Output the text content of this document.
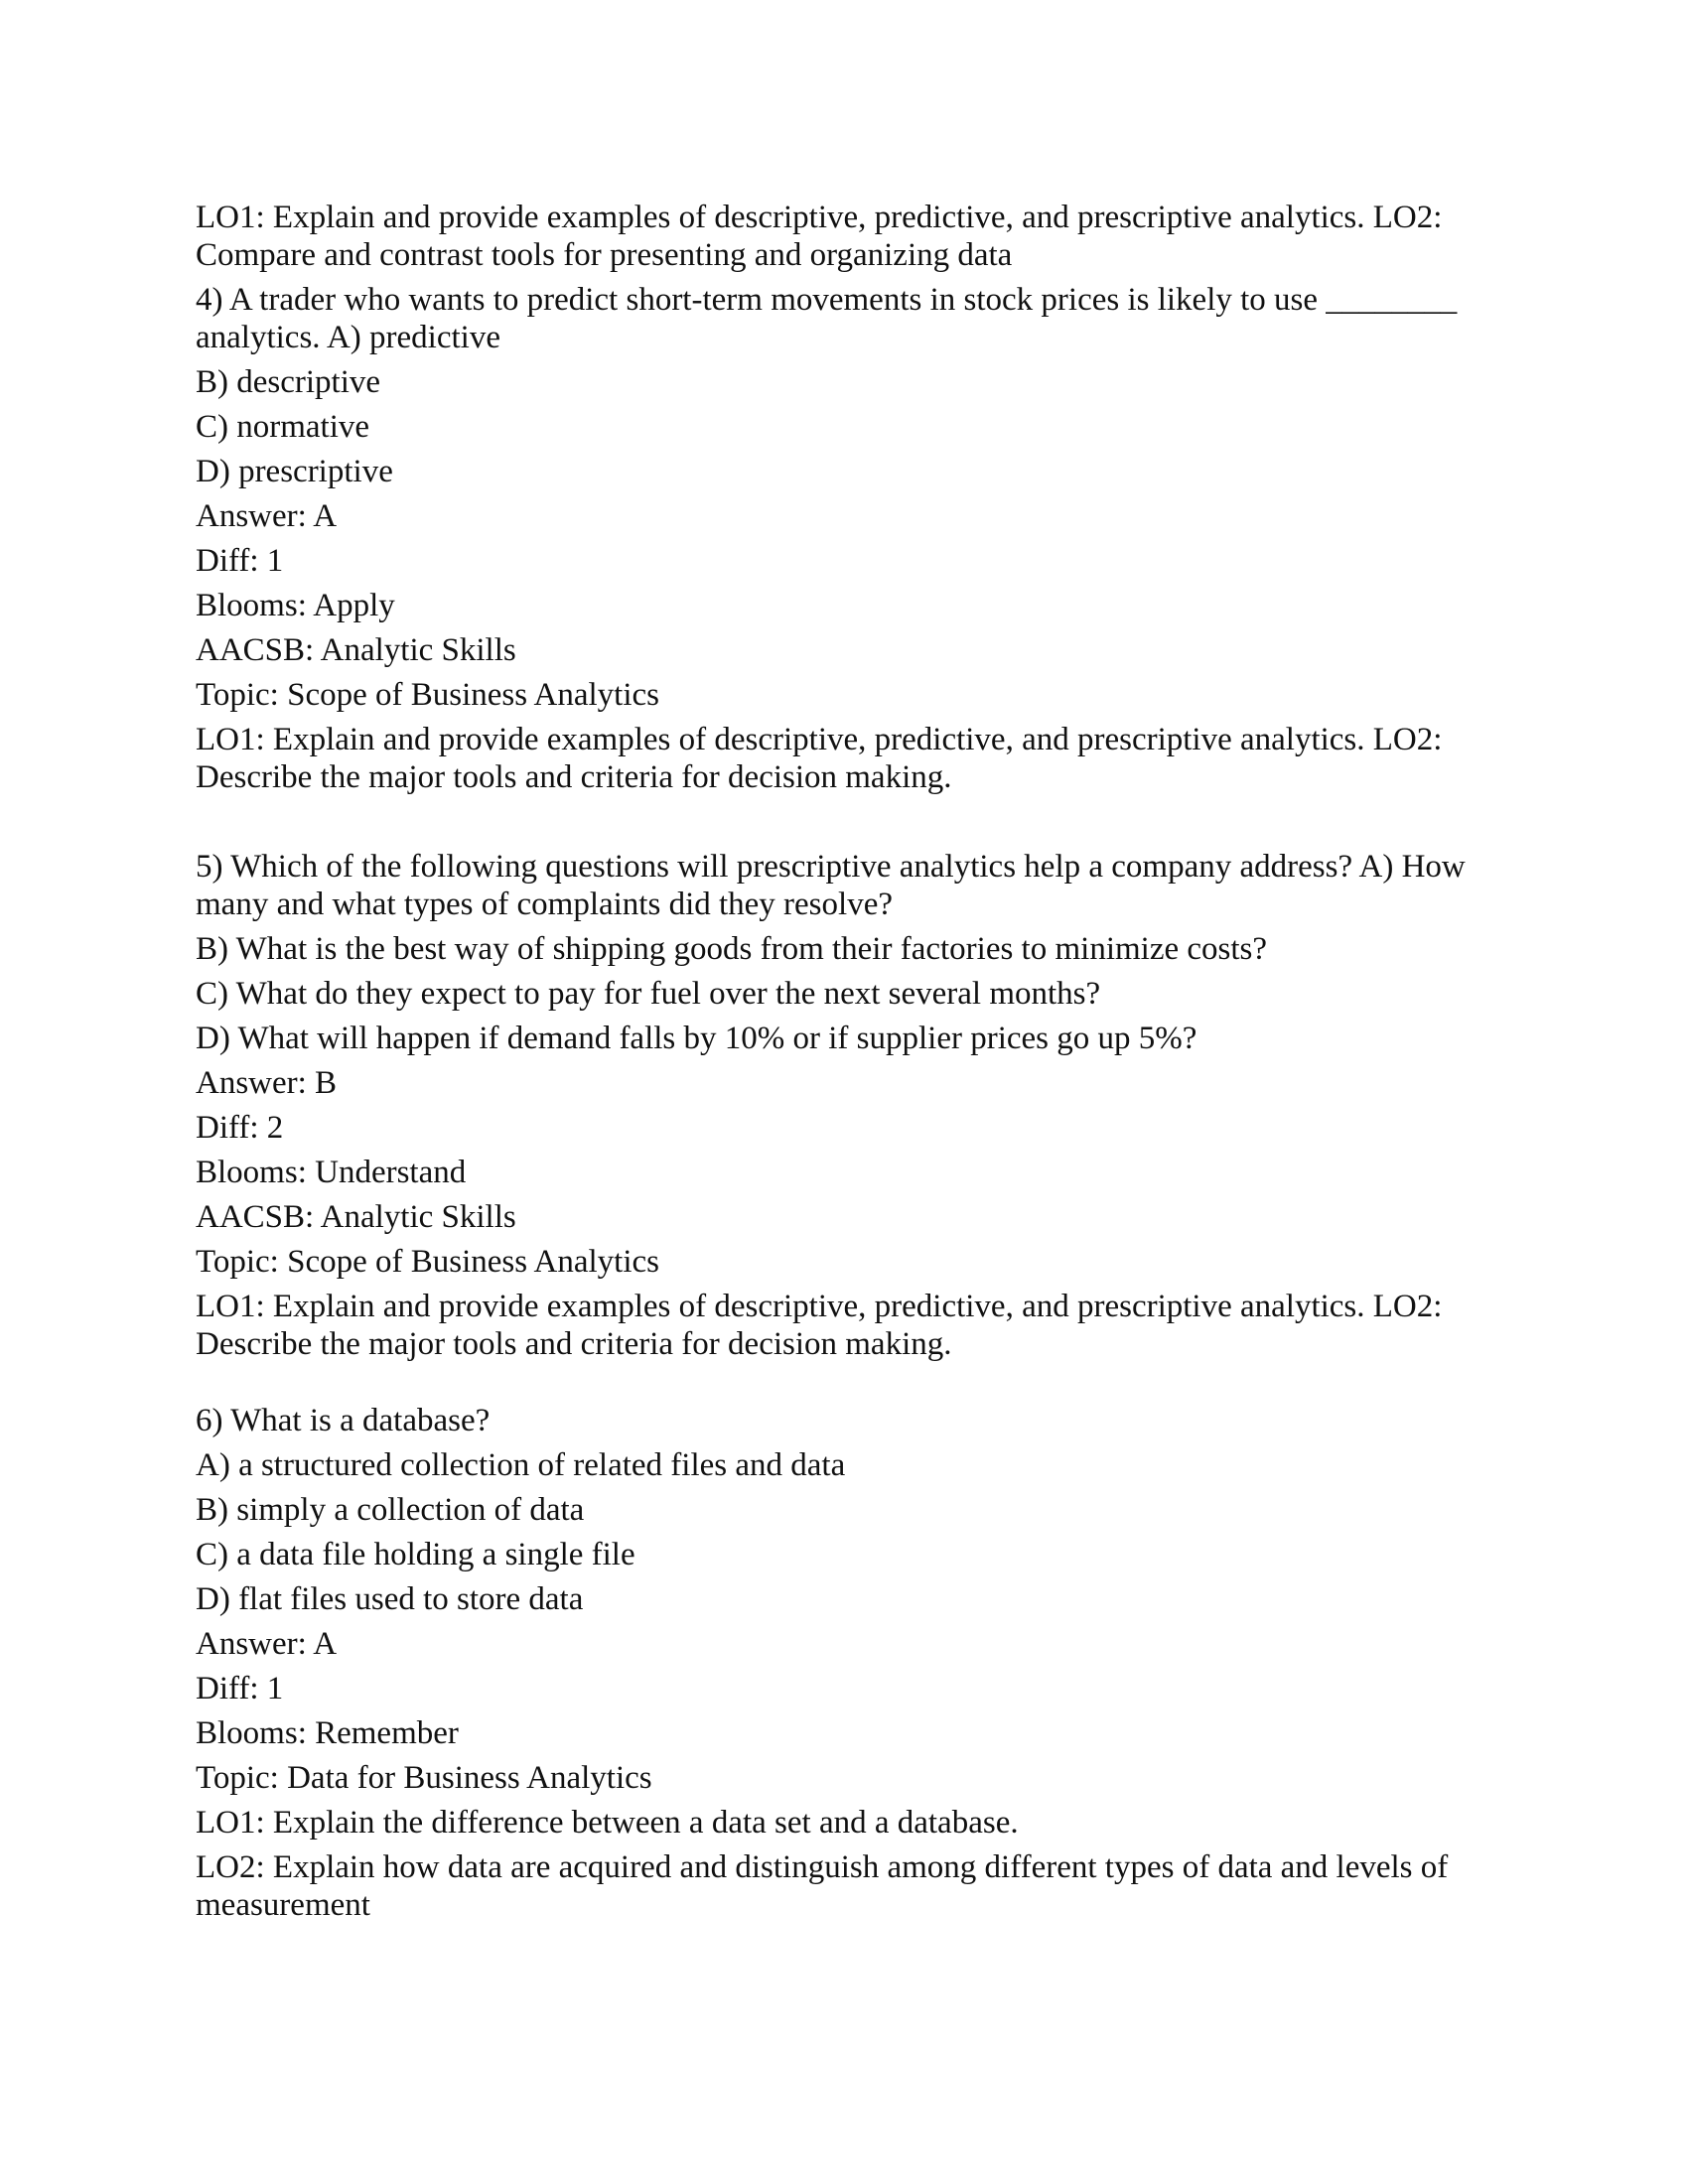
LO1: Explain and provide examples of descriptive, predictive, and prescriptive analytics. LO2: Compare and contrast tools for presenting and organizing data
4) A trader who wants to predict short-term movements in stock prices is likely to use ________ analytics. A) predictive
B) descriptive
C) normative
D) prescriptive
Answer: A
Diff: 1
Blooms: Apply
AACSB: Analytic Skills
Topic: Scope of Business Analytics
LO1: Explain and provide examples of descriptive, predictive, and prescriptive analytics. LO2: Describe the major tools and criteria for decision making.
5) Which of the following questions will prescriptive analytics help a company address? A) How many and what types of complaints did they resolve?
B) What is the best way of shipping goods from their factories to minimize costs?
C) What do they expect to pay for fuel over the next several months?
D) What will happen if demand falls by 10% or if supplier prices go up 5%?
Answer: B
Diff: 2
Blooms: Understand
AACSB: Analytic Skills
Topic: Scope of Business Analytics
LO1: Explain and provide examples of descriptive, predictive, and prescriptive analytics. LO2: Describe the major tools and criteria for decision making.
6) What is a database?
A) a structured collection of related files and data
B) simply a collection of data
C) a data file holding a single file
D) flat files used to store data
Answer: A
Diff: 1
Blooms: Remember
Topic: Data for Business Analytics
LO1: Explain the difference between a data set and a database.
LO2: Explain how data are acquired and distinguish among different types of data and levels of measurement
